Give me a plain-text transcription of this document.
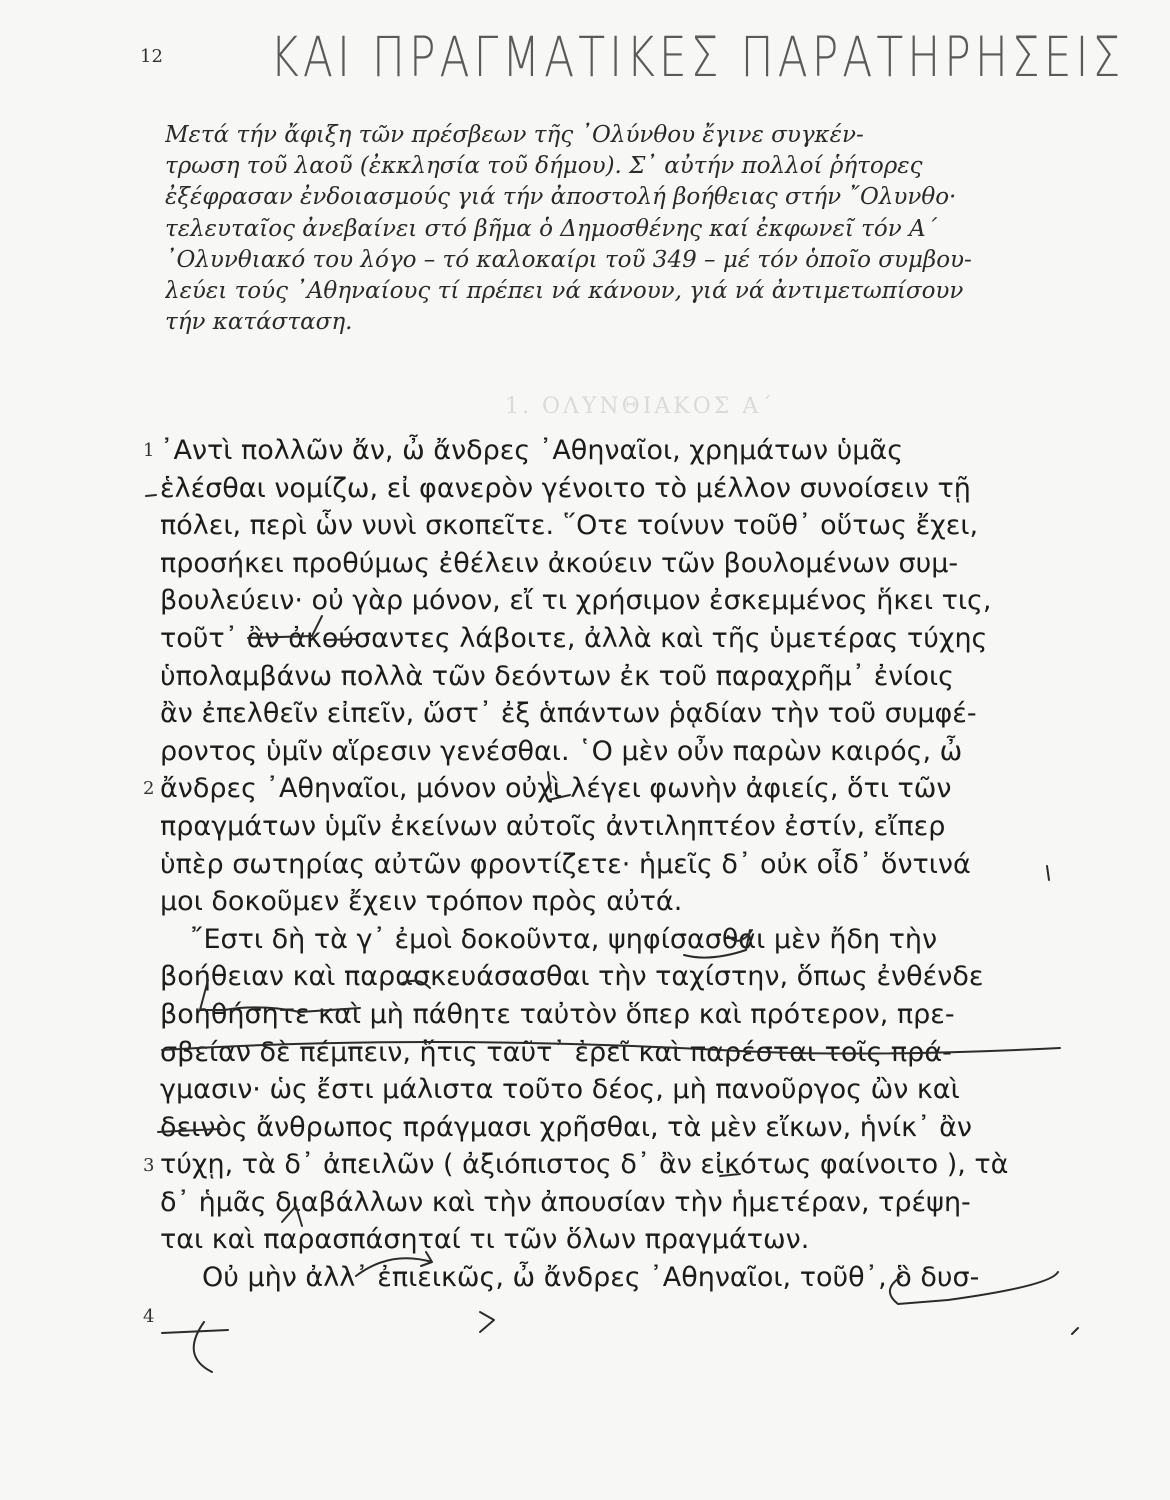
12 ΚΑΙ ΠΡΑΓΜΑΤΙΚΕΣ ΠΑΡΑΤΗΡΗΣΕΙΣ
1. ΟΛΥΝΘΙΑΚΟΣ Α΄
Μετά τήν ἄφιξη τῶν πρέσβεων τῆς ᾿Ολύνθου ἔγινε συγκέν-
τρωση τοῦ λαοῦ (ἐκκλησία τοῦ δήμου). Σ᾿ αὐτήν πολλοί ῥήτορες
ἐξέφρασαν ἐνδοιασμούς γιά τήν ἀποστολή βοήθειας στήν ῎Ολυνθο·
τελευταῖος ἀνεβαίνει στό βῆμα ὁ Δημοσθένης καί ἐκφωνεῖ τόν Α΄
᾿Ολυνθιακό του λόγο – τό καλοκαίρι τοῦ 349 – μέ τόν ὁποῖο συμβου-
λεύει τούς ᾿Αθηναίους τί πρέπει νά κάνουν, γιά νά ἀντιμετωπίσουν
τήν κατάσταση.
1
2
3
4
᾿Αντὶ πολλῶν ἄν, ὦ ἄνδρες ᾿Αθηναῖοι, χρημάτων ὑμᾶς
ἑλέσθαι νομίζω, εἰ φανερὸν γένοιτο τὸ μέλλον συνοίσειν τῇ
πόλει, περὶ ὧν νυνὶ σκοπεῖτε. ῞Οτε τοίνυν τοῦθ᾿ οὕτως ἔχει,
προσήκει προθύμως ἐθέλειν ἀκούειν τῶν βουλομένων συμ-
βουλεύειν· οὐ γὰρ μόνον, εἴ τι χρήσιμον ἐσκεμμένος ἥκει τις,
τοῦτ᾿ ἂν ἀκούσαντες λάβοιτε, ἀλλὰ καὶ τῆς ὑμετέρας τύχης
ὑπολαμβάνω πολλὰ τῶν δεόντων ἐκ τοῦ παραχρῆμ᾿ ἐνίοις
ἂν ἐπελθεῖν εἰπεῖν, ὥστ᾿ ἐξ ἁπάντων ῥᾳδίαν τὴν τοῦ συμφέ-
ροντος ὑμῖν αἵρεσιν γενέσθαι. ῾Ο μὲν οὖν παρὼν καιρός, ὦ
ἄνδρες ᾿Αθηναῖοι, μόνον οὐχὶ λέγει φωνὴν ἀφιείς, ὅτι τῶν
πραγμάτων ὑμῖν ἐκείνων αὐτοῖς ἀντιληπτέον ἐστίν, εἴπερ
ὑπὲρ σωτηρίας αὐτῶν φροντίζετε· ἡμεῖς δ᾿ οὐκ οἶδ᾿ ὅντινά
μοι δοκοῦμεν ἔχειν τρόπον πρὸς αὐτά.
῎Εστι δὴ τὰ γ᾿ ἐμοὶ δοκοῦντα, ψηφίσασθαι μὲν ἤδη τὴν
βοήθειαν καὶ παρασκευάσασθαι τὴν ταχίστην, ὅπως ἐνθένδε
βοηθήσητε καὶ μὴ πάθητε ταὐτὸν ὅπερ καὶ πρότερον, πρε-
σβείαν δὲ πέμπειν, ἥτις ταῦτ᾿ ἐρεῖ καὶ παρέσται τοῖς πρά-
γμασιν· ὡς ἔστι μάλιστα τοῦτο δέος, μὴ πανοῦργος ὢν καὶ
δεινὸς ἄνθρωπος πράγμασι χρῆσθαι, τὰ μὲν εἴκων, ἡνίκ᾿ ἂν
τύχῃ, τὰ δ᾿ ἀπειλῶν ( ἀξιόπιστος δ᾿ ἂν εἰκότως φαίνοιτο ), τὰ
δ᾿ ἡμᾶς διαβάλλων καὶ τὴν ἀπουσίαν τὴν ἡμετέραν, τρέψη-
ται καὶ παρασπάσηταί τι τῶν ὅλων πραγμάτων.
Οὐ μὴν ἀλλ᾿ ἐπιεικῶς, ὦ ἄνδρες ᾿Αθηναῖοι, τοῦθ᾿, ὃ δυσ-
